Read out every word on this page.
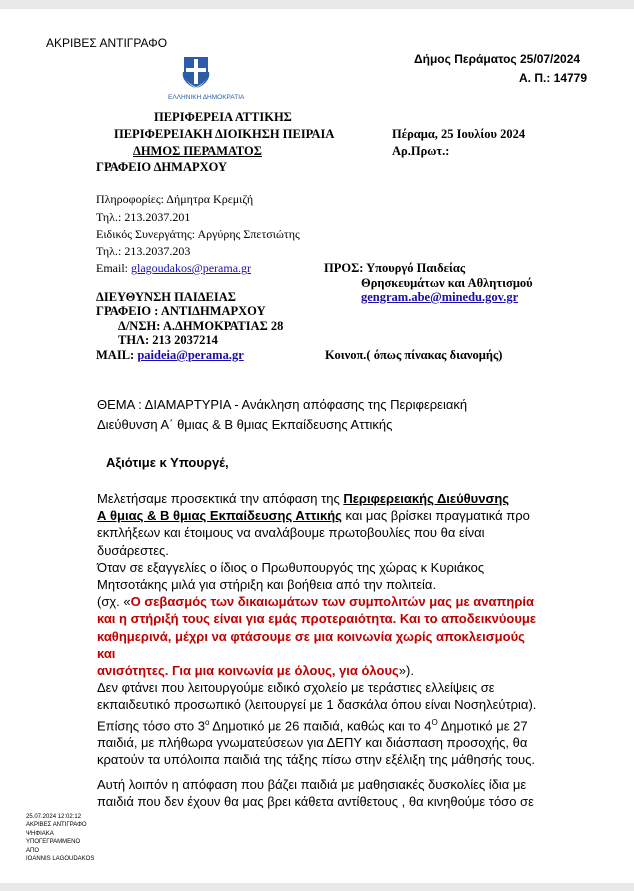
ΑΚΡΙΒΕΣ ΑΝΤΙΓΡΑΦΟ
Δήμος Περάματος 25/07/2024
Α. Π.: 14779
ΕΛΛΗΝΙΚΗ ΔΗΜΟΚΡΑΤΙΑ
ΠΕΡΙΦΕΡΕΙΑ ΑΤΤΙΚΗΣ
ΠΕΡΙΦΕΡΕΙΑΚΗ ΔΙΟΙΚΗΣΗ ΠΕΙΡΑΙΑ
ΔΗΜΟΣ ΠΕΡΑΜΑΤΟΣ
ΓΡΑΦΕΙΟ ΔΗΜΑΡΧΟΥ
Πέραμα, 25 Ιουλίου 2024
Αρ.Πρωτ.:
Πληροφορίες: Δήμητρα Κρεμιζή
Τηλ.: 213.2037.201
Ειδικός Συνεργάτης: Αργύρης Σπετσιώτης
Τηλ.: 213.2037.203
Email: glagoudakos@perama.gr	ΠΡΟΣ: Υπουργό Παιδείας
Θρησκευμάτων και Αθλητισμού
gengram.abe@minedu.gov.gr
ΔΙΕΥΘΥΝΣΗ ΠΑΙΔΕΙΑΣ
ΓΡΑΦΕΙΟ : ΑΝΤΙΔΗΜΑΡΧΟΥ
Δ/ΝΣΗ: Α.ΔΗΜΟΚΡΑΤΙΑΣ 28
ΤΗΛ: 213 2037214
MAIL: paideia@perama.gr	Κοινοπ.( όπως πίνακας διανομής)
ΘΕΜΑ : ΔΙΑΜΑΡΤΥΡΙΑ - Ανάκληση απόφασης της Περιφερειακή
Διεύθυνση Α΄ θμιας & Β θμιας Εκπαίδευσης Αττικής
Αξιότιμε κ Υπουργέ,

Μελετήσαμε προσεκτικά την απόφαση της Περιφερειακής Διεύθυνσης

Α θμιας & Β θμιας Εκπαίδευσης Αττικής και μας βρίσκει πραγματικά προ

εκπλήξεων και έτοιμους να αναλάβουμε πρωτοβουλίες που θα είναι

δυσάρεστες.

Όταν σε εξαγγελίες ο ίδιος ο Πρωθυπουργός της χώρας κ Κυριάκος

Μητσοτάκης μιλά για στήριξη και βοήθεια από την πολιτεία.

(σχ. «Ο σεβασμός των δικαιωμάτων των συμπολιτών μας με αναπηρία

και η στήριξή τους είναι για εμάς προτεραιότητα. Και το αποδεικνύουμε

καθημερινά, μέχρι να φτάσουμε σε μια κοινωνία χωρίς αποκλεισμούς και

ανισότητες. Για μια κοινωνία με όλους, για όλους»).

Δεν φτάνει που λειτουργούμε ειδικό σχολείο με τεράστιες ελλείψεις σε

εκπαιδευτικό προσωπικό (λειτουργεί με 1 δασκάλα όπου είναι Νοσηλεύτρια).

Επίσης τόσο στο $3^o$ Δημοτικό με 26 παιδιά, καθώς και το $4^O$ Δημοτικό με 27

παιδιά, με πλήθωρα γνωματεύσεων για ΔΕΠΥ και διάσπαση προσοχής, θα

κρατούν τα υπόλοιπα παιδιά της τάξης πίσω στην εξέλιξη της μάθησής τους.

Αυτή λοιπόν η απόφαση που βάζει παιδιά με μαθησιακές δυσκολίες ίδια με

παιδιά που δεν έχουν θα μας βρει κάθετα αντίθετους , θα κινηθούμε τόσο σε

25.07.2024 12:02:12
ΑΚΡΙΒΕΣ ΑΝΤΙΓΡΑΦΟ
ΨΗΦΙΑΚΑ
ΥΠΟΓΕΓΡΑΜΜΕΝΟ
ΑΠΟ
IOANNIS LAGOUDAKOS
